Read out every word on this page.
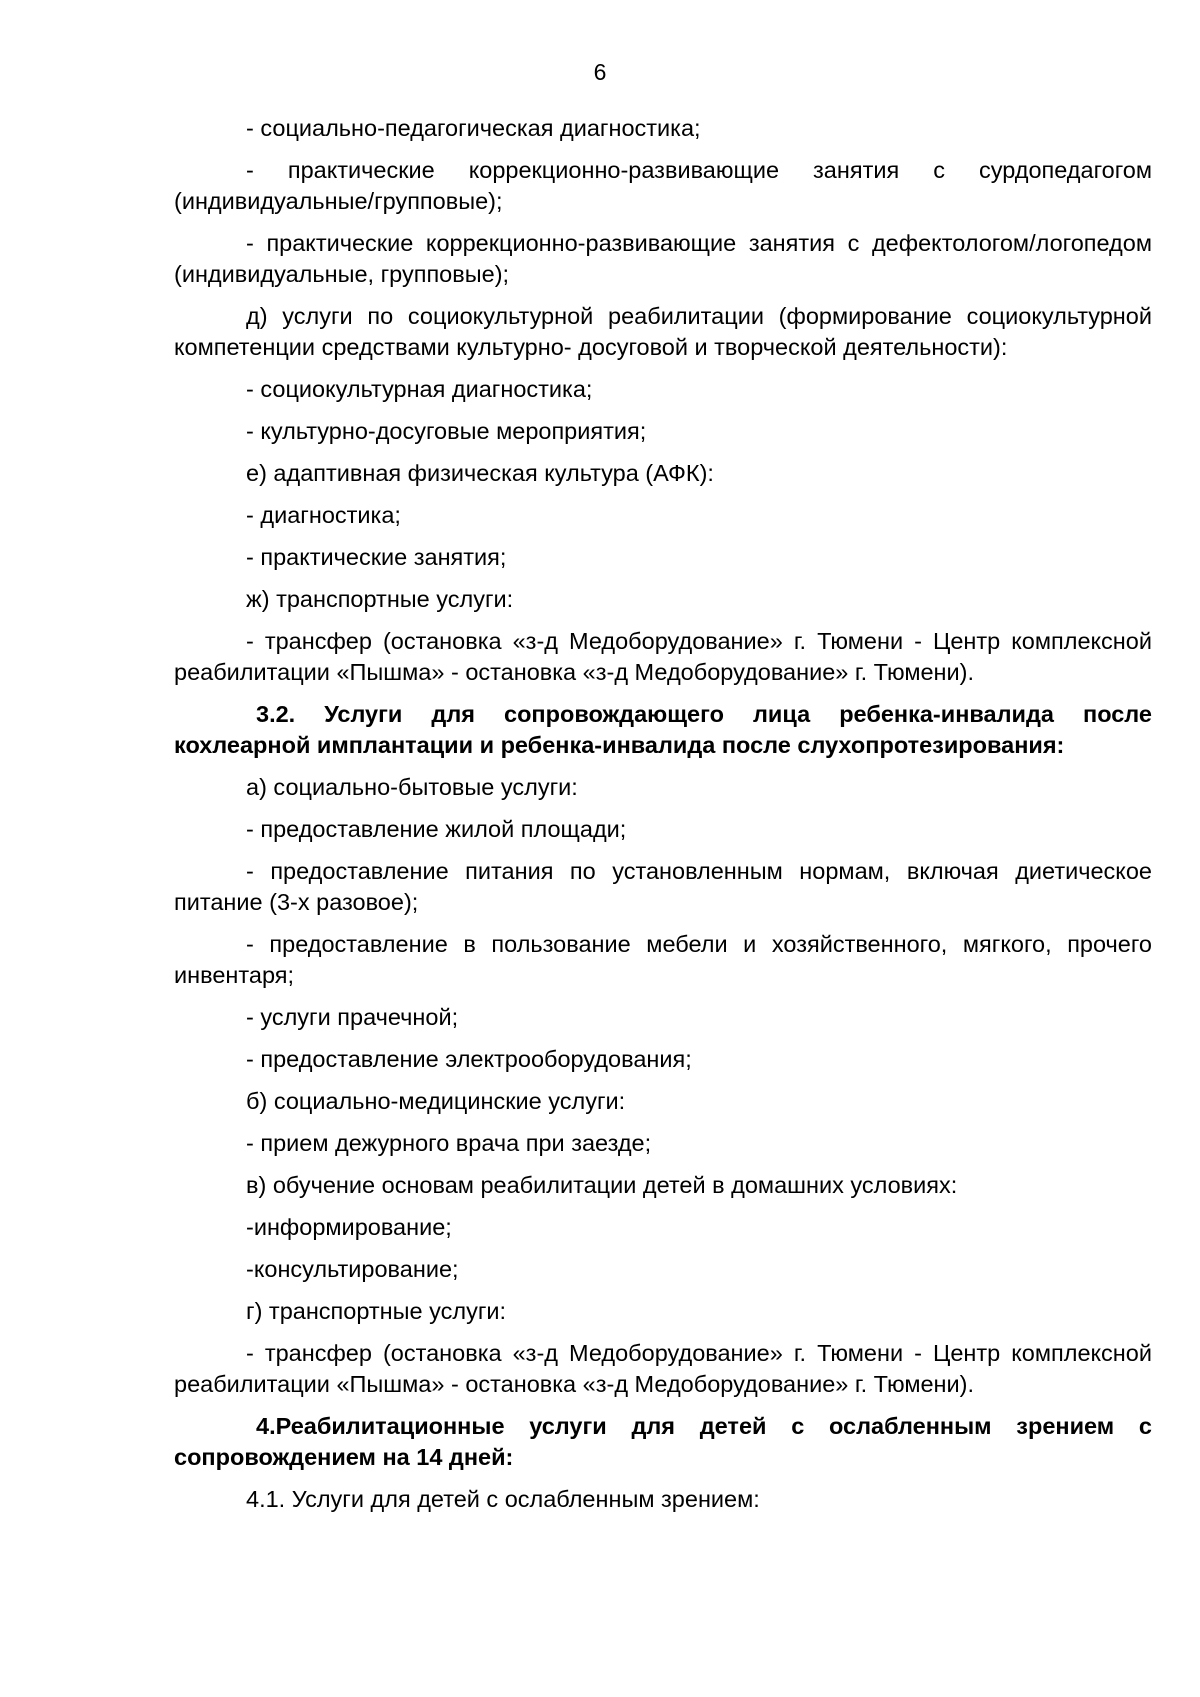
6

- социально-педагогическая диагностика;

- практические коррекционно-развивающие занятия с сурдопедагогом (индивидуальные/групповые);

- практические коррекционно-развивающие занятия с дефектологом/логопедом (индивидуальные, групповые);

д) услуги по социокультурной реабилитации (формирование социокультурной компетенции средствами культурно- досуговой и творческой деятельности):

- социокультурная диагностика;

- культурно-досуговые мероприятия;

е) адаптивная физическая культура (АФК):

- диагностика;

- практические занятия;

ж) транспортные услуги:

- трансфер (остановка «з-д Медоборудование» г. Тюмени - Центр комплексной реабилитации «Пышма» - остановка «з-д Медоборудование» г. Тюмени).

3.2. Услуги для сопровождающего лица ребенка-инвалида после кохлеарной имплантации и ребенка-инвалида после слухопротезирования:

а) социально-бытовые услуги:

- предоставление жилой площади;

- предоставление питания по установленным нормам, включая диетическое питание (3-х разовое);

- предоставление в пользование мебели и хозяйственного, мягкого, прочего инвентаря;

- услуги прачечной;

- предоставление электрооборудования;

б) социально-медицинские услуги:

- прием дежурного врача при заезде;

в) обучение основам реабилитации детей в домашних условиях:

-информирование;

-консультирование;

г) транспортные услуги:

- трансфер (остановка «з-д Медоборудование» г. Тюмени - Центр комплексной реабилитации «Пышма» - остановка «з-д Медоборудование» г. Тюмени).

4.Реабилитационные услуги для детей с ослабленным зрением с сопровождением на 14 дней:

4.1. Услуги для детей с ослабленным зрением:
